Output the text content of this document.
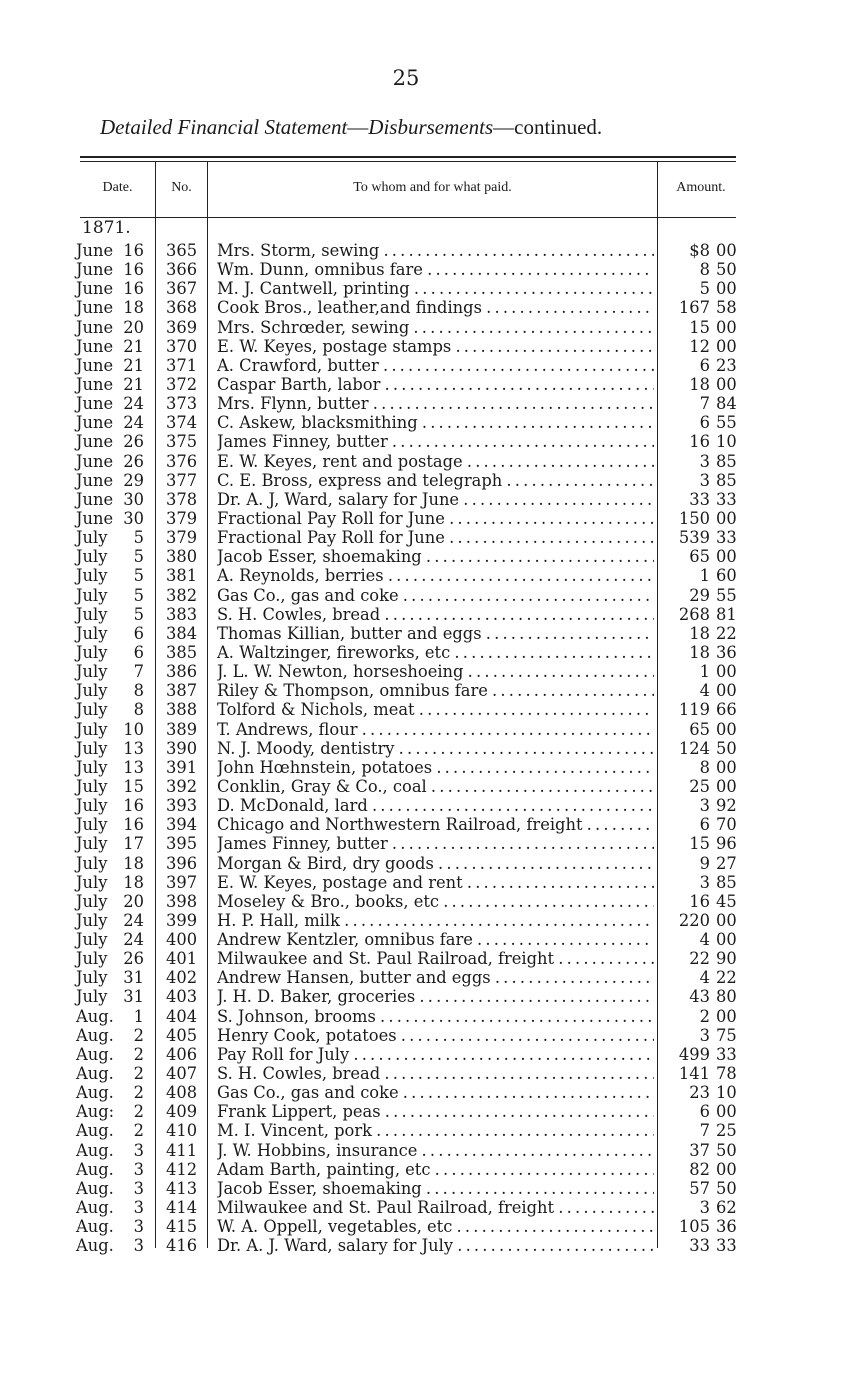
25
Detailed Financial Statement—Disbursements—continued.
Date.	No.	To whom and for what paid.	Amount.
1871.
June 16 365 Mrs. Storm, sewing . . .	$8 00
June 16 366 Wm. Dunn, omnibus fare . . .	8 50
June 16 367 M. J. Cantwell, printing . . .	5 00
June 18 368 Cook Bros., leather,and findings . . .	167 58
June 20 369 Mrs. Schrœder, sewing . . .	15 00
June 21 370 E. W. Keyes, postage stamps . . .	12 00
June 21 371 A. Crawford, butter . . .	6 23
June 21 372 Caspar Barth, labor . . .	18 00
June 24 373 Mrs. Flynn, butter . . .	7 84
June 24 374 C. Askew, blacksmithing . . .	6 55
June 26 375 James Finney, butter . . .	16 10
June 26 376 E. W. Keyes, rent and postage . . .	3 85
June 29 377 C. E. Bross, express and telegraph . . .	3 85
June 30 378 Dr. A. J, Ward, salary for June . . .	33 33
June 30 379 Fractional Pay Roll for June . . .	150 00
July	5 379 Fractional Pay Roll for June . . .	539 33
July	5 380 Jacob Esser, shoemaking . . .	65 00
July	5 381 A. Reynolds, berries . . .	1 60
July	5 382 Gas Co., gas and coke . . .	29 55
July	5 383 S. H. Cowles, bread . . .	268 81
July	6 384 Thomas Killian, butter and eggs . . .	18 22
July	6 385 A. Waltzinger, fireworks, etc . . .	18 36
July	7 386 J. L. W. Newton, horseshoeing . . .	1 00
July	8 387 Riley & Thompson, omnibus fare . . .	4 00
July	8 388 Tolford & Nichols, meat . . .	119 66
July 10 389 T. Andrews, flour . . .	65 00
July 13 390 N. J. Moody, dentistry . . .	124 50
July 13 391 John Hœhnstein, potatoes . . .	8 00
July 15 392 Conklin, Gray & Co., coal . . .	25 00
July 16 393 D. McDonald, lard . . .	3 92
July 16 394 Chicago and Northwestern Railroad, freight . . .	6 70
July 17 395 James Finney, butter . . .	15 96
July 18 396 Morgan & Bird, dry goods . . .	9 27
July 18 397 E. W. Keyes, postage and rent . . .	3 85
July 20 398 Moseley & Bro., books, etc . . .	16 45
July 24 399 H. P. Hall, milk . . .	220 00
July 24 400 Andrew Kentzler, omnibus fare . . .	4 00
July 26 401 Milwaukee and St. Paul Railroad, freight . . .	22 90
July 31 402 Andrew Hansen, butter and eggs . . .	4 22
July 31 403 J. H. D. Baker, groceries . . .	43 80
Aug.	1 404 S. Johnson, brooms . . .	2 00
Aug.	2 405 Henry Cook, potatoes . . .	3 75
Aug.	2 406 Pay Roll for July . . .	499 33
Aug.	2 407 S. H. Cowles, bread . . .	141 78
Aug.	2 408 Gas Co., gas and coke . . .	23 10
Aug:	2 409 Frank Lippert, peas . . .	6 00
Aug.	2 410 M. I. Vincent, pork . . .	7 25
Aug.	3 411 J. W. Hobbins, insurance . . .	37 50
Aug.	3 412 Adam Barth, painting, etc . . .	82 00
Aug.	3 413 Jacob Esser, shoemaking . . .	57 50
Aug.	3 414 Milwaukee and St. Paul Railroad, freight . . .	3 62
Aug.	3 415 W. A. Oppell, vegetables, etc . . .	105 36
Aug.	3 416 Dr. A. J. Ward, salary for July . . .	33 33
